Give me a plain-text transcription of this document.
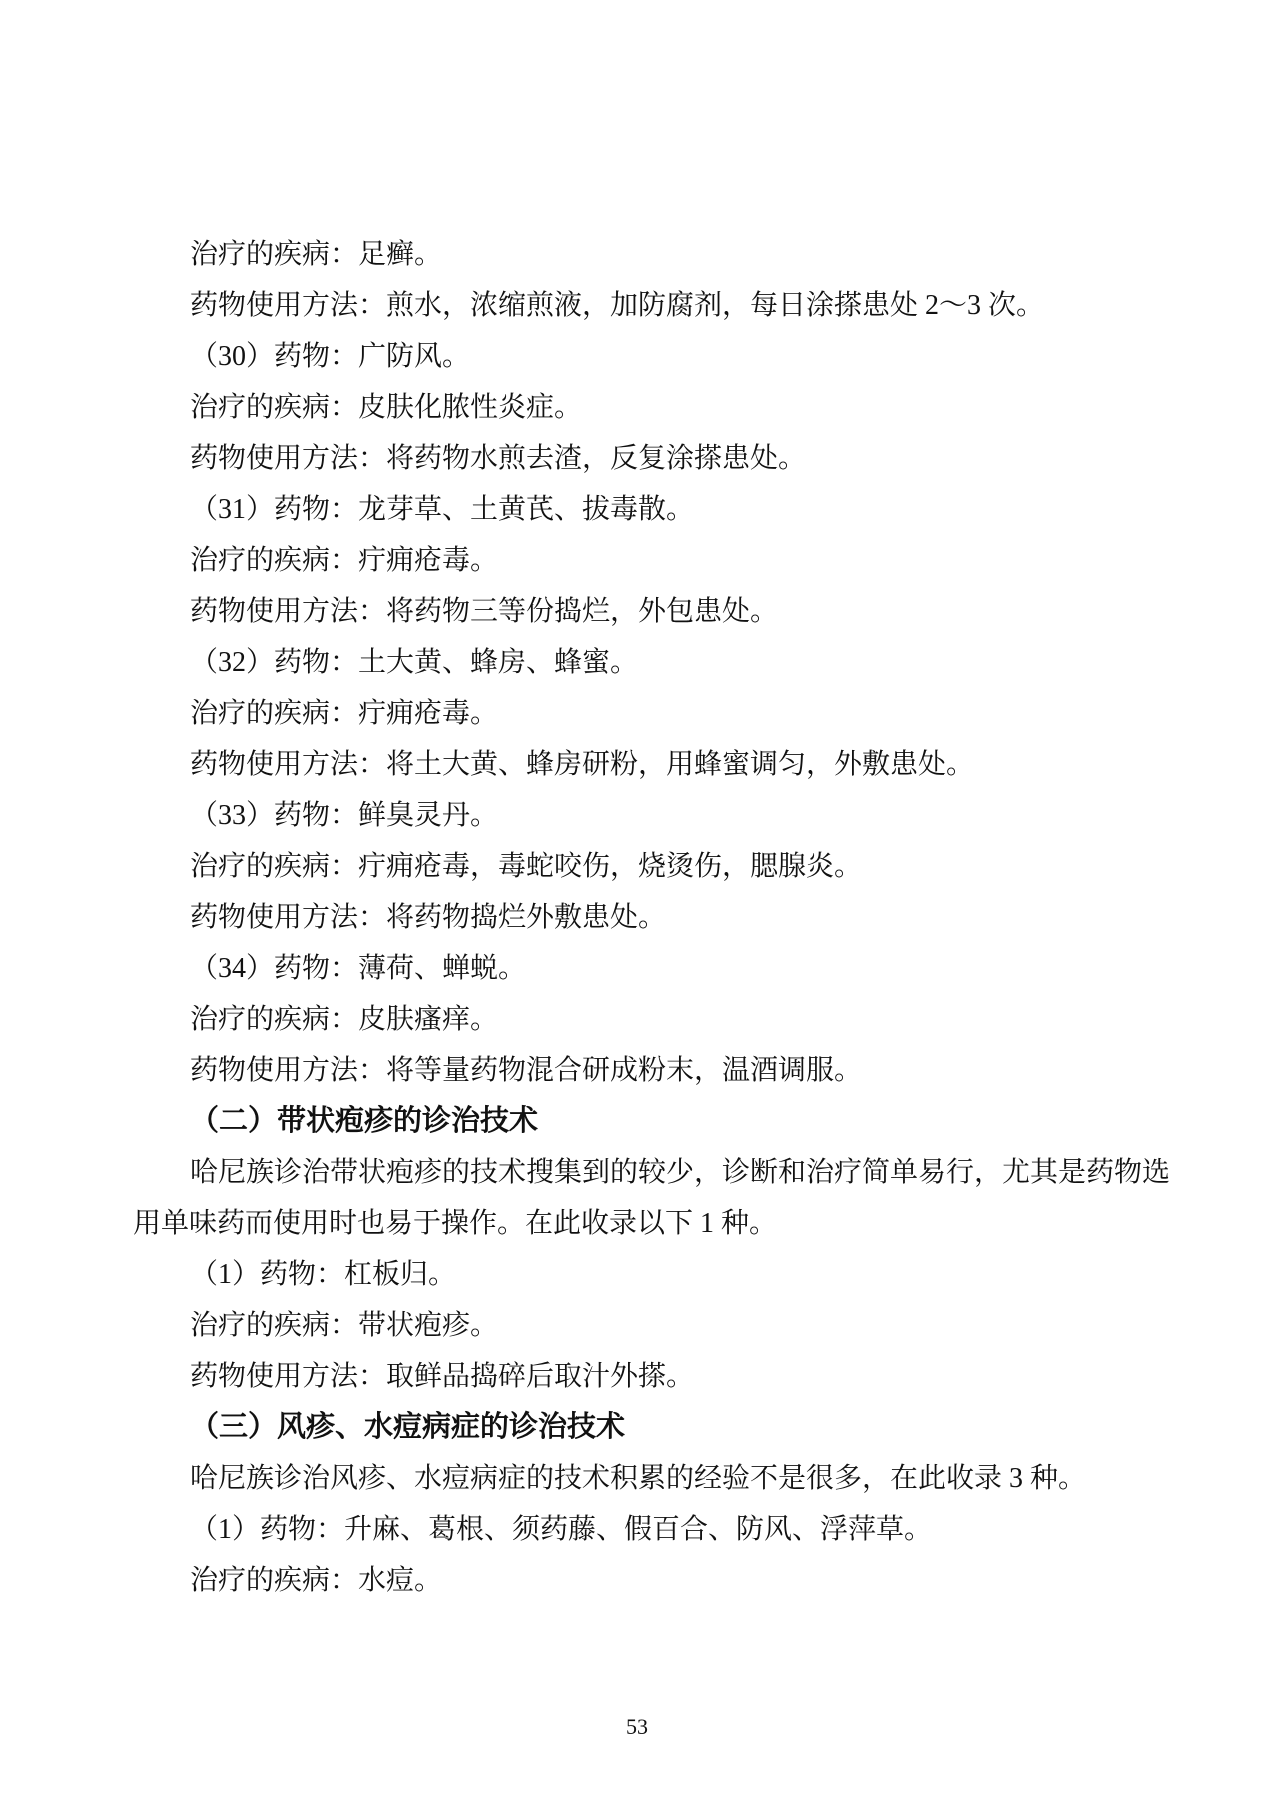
治疗的疾病：足癣。

药物使用方法：煎水，浓缩煎液，加防腐剂，每日涂搽患处 2～3 次。

（30）药物：广防风。

治疗的疾病：皮肤化脓性炎症。

药物使用方法：将药物水煎去渣，反复涂搽患处。

（31）药物：龙芽草、土黄芪、拔毒散。

治疗的疾病：疔痈疮毒。

药物使用方法：将药物三等份捣烂，外包患处。

（32）药物：土大黄、蜂房、蜂蜜。

治疗的疾病：疔痈疮毒。

药物使用方法：将土大黄、蜂房研粉，用蜂蜜调匀，外敷患处。

（33）药物：鲜臭灵丹。

治疗的疾病：疔痈疮毒，毒蛇咬伤，烧烫伤，腮腺炎。

药物使用方法：将药物捣烂外敷患处。

（34）药物：薄荷、蝉蜕。

治疗的疾病：皮肤瘙痒。

药物使用方法：将等量药物混合研成粉末，温酒调服。

（二）带状疱疹的诊治技术

哈尼族诊治带状疱疹的技术搜集到的较少，诊断和治疗简单易行，尤其是药物选

用单味药而使用时也易于操作。在此收录以下 1 种。

（1）药物：杠板归。

治疗的疾病：带状疱疹。

药物使用方法：取鲜品捣碎后取汁外搽。

（三）风疹、水痘病症的诊治技术

哈尼族诊治风疹、水痘病症的技术积累的经验不是很多，在此收录 3 种。

（1）药物：升麻、葛根、须药藤、假百合、防风、浮萍草。

治疗的疾病：水痘。

53
